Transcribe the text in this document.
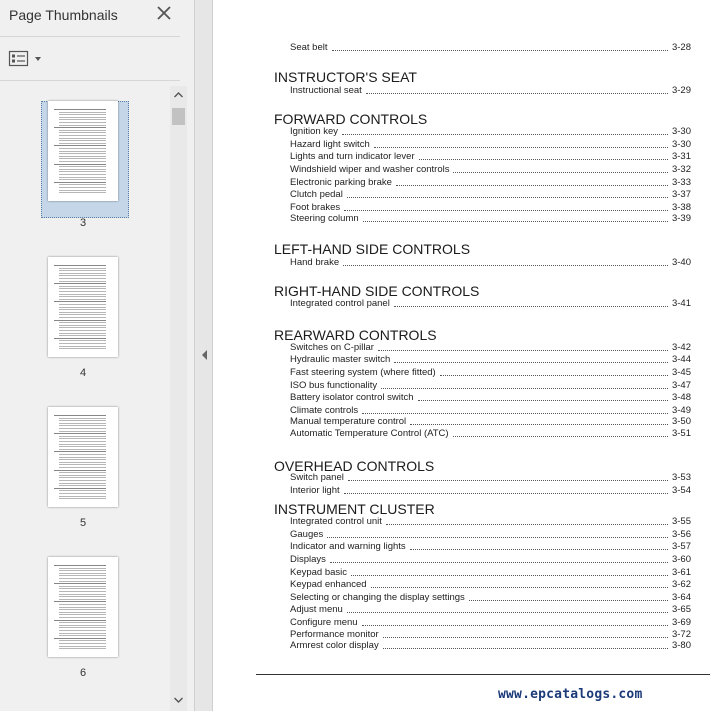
Page Thumbnails
3
4
5
6
Seat belt	3-28
INSTRUCTOR'S SEAT
Instructional seat	3-29
FORWARD CONTROLS
Ignition key	3-30
Hazard light switch	3-30
Lights and turn indicator lever	3-31
Windshield wiper and washer controls	3-32
Electronic parking brake	3-33
Clutch pedal	3-37
Foot brakes	3-38
Steering column	3-39
LEFT-HAND SIDE CONTROLS
Hand brake	3-40
RIGHT-HAND SIDE CONTROLS
Integrated control panel	3-41
REARWARD CONTROLS
Switches on C-pillar	3-42
Hydraulic master switch	3-44
Fast steering system (where fitted)	3-45
ISO bus functionality	3-47
Battery isolator control switch	3-48
Climate controls	3-49
Manual temperature control	3-50
Automatic Temperature Control (ATC)	3-51
OVERHEAD CONTROLS
Switch panel	3-53
Interior light	3-54
INSTRUMENT CLUSTER
Integrated control unit	3-55
Gauges	3-56
Indicator and warning lights	3-57
Displays	3-60
Keypad basic	3-61
Keypad enhanced	3-62
Selecting or changing the display settings	3-64
Adjust menu	3-65
Configure menu	3-69
Performance monitor	3-72
Armrest color display	3-80
www.epcatalogs.com
